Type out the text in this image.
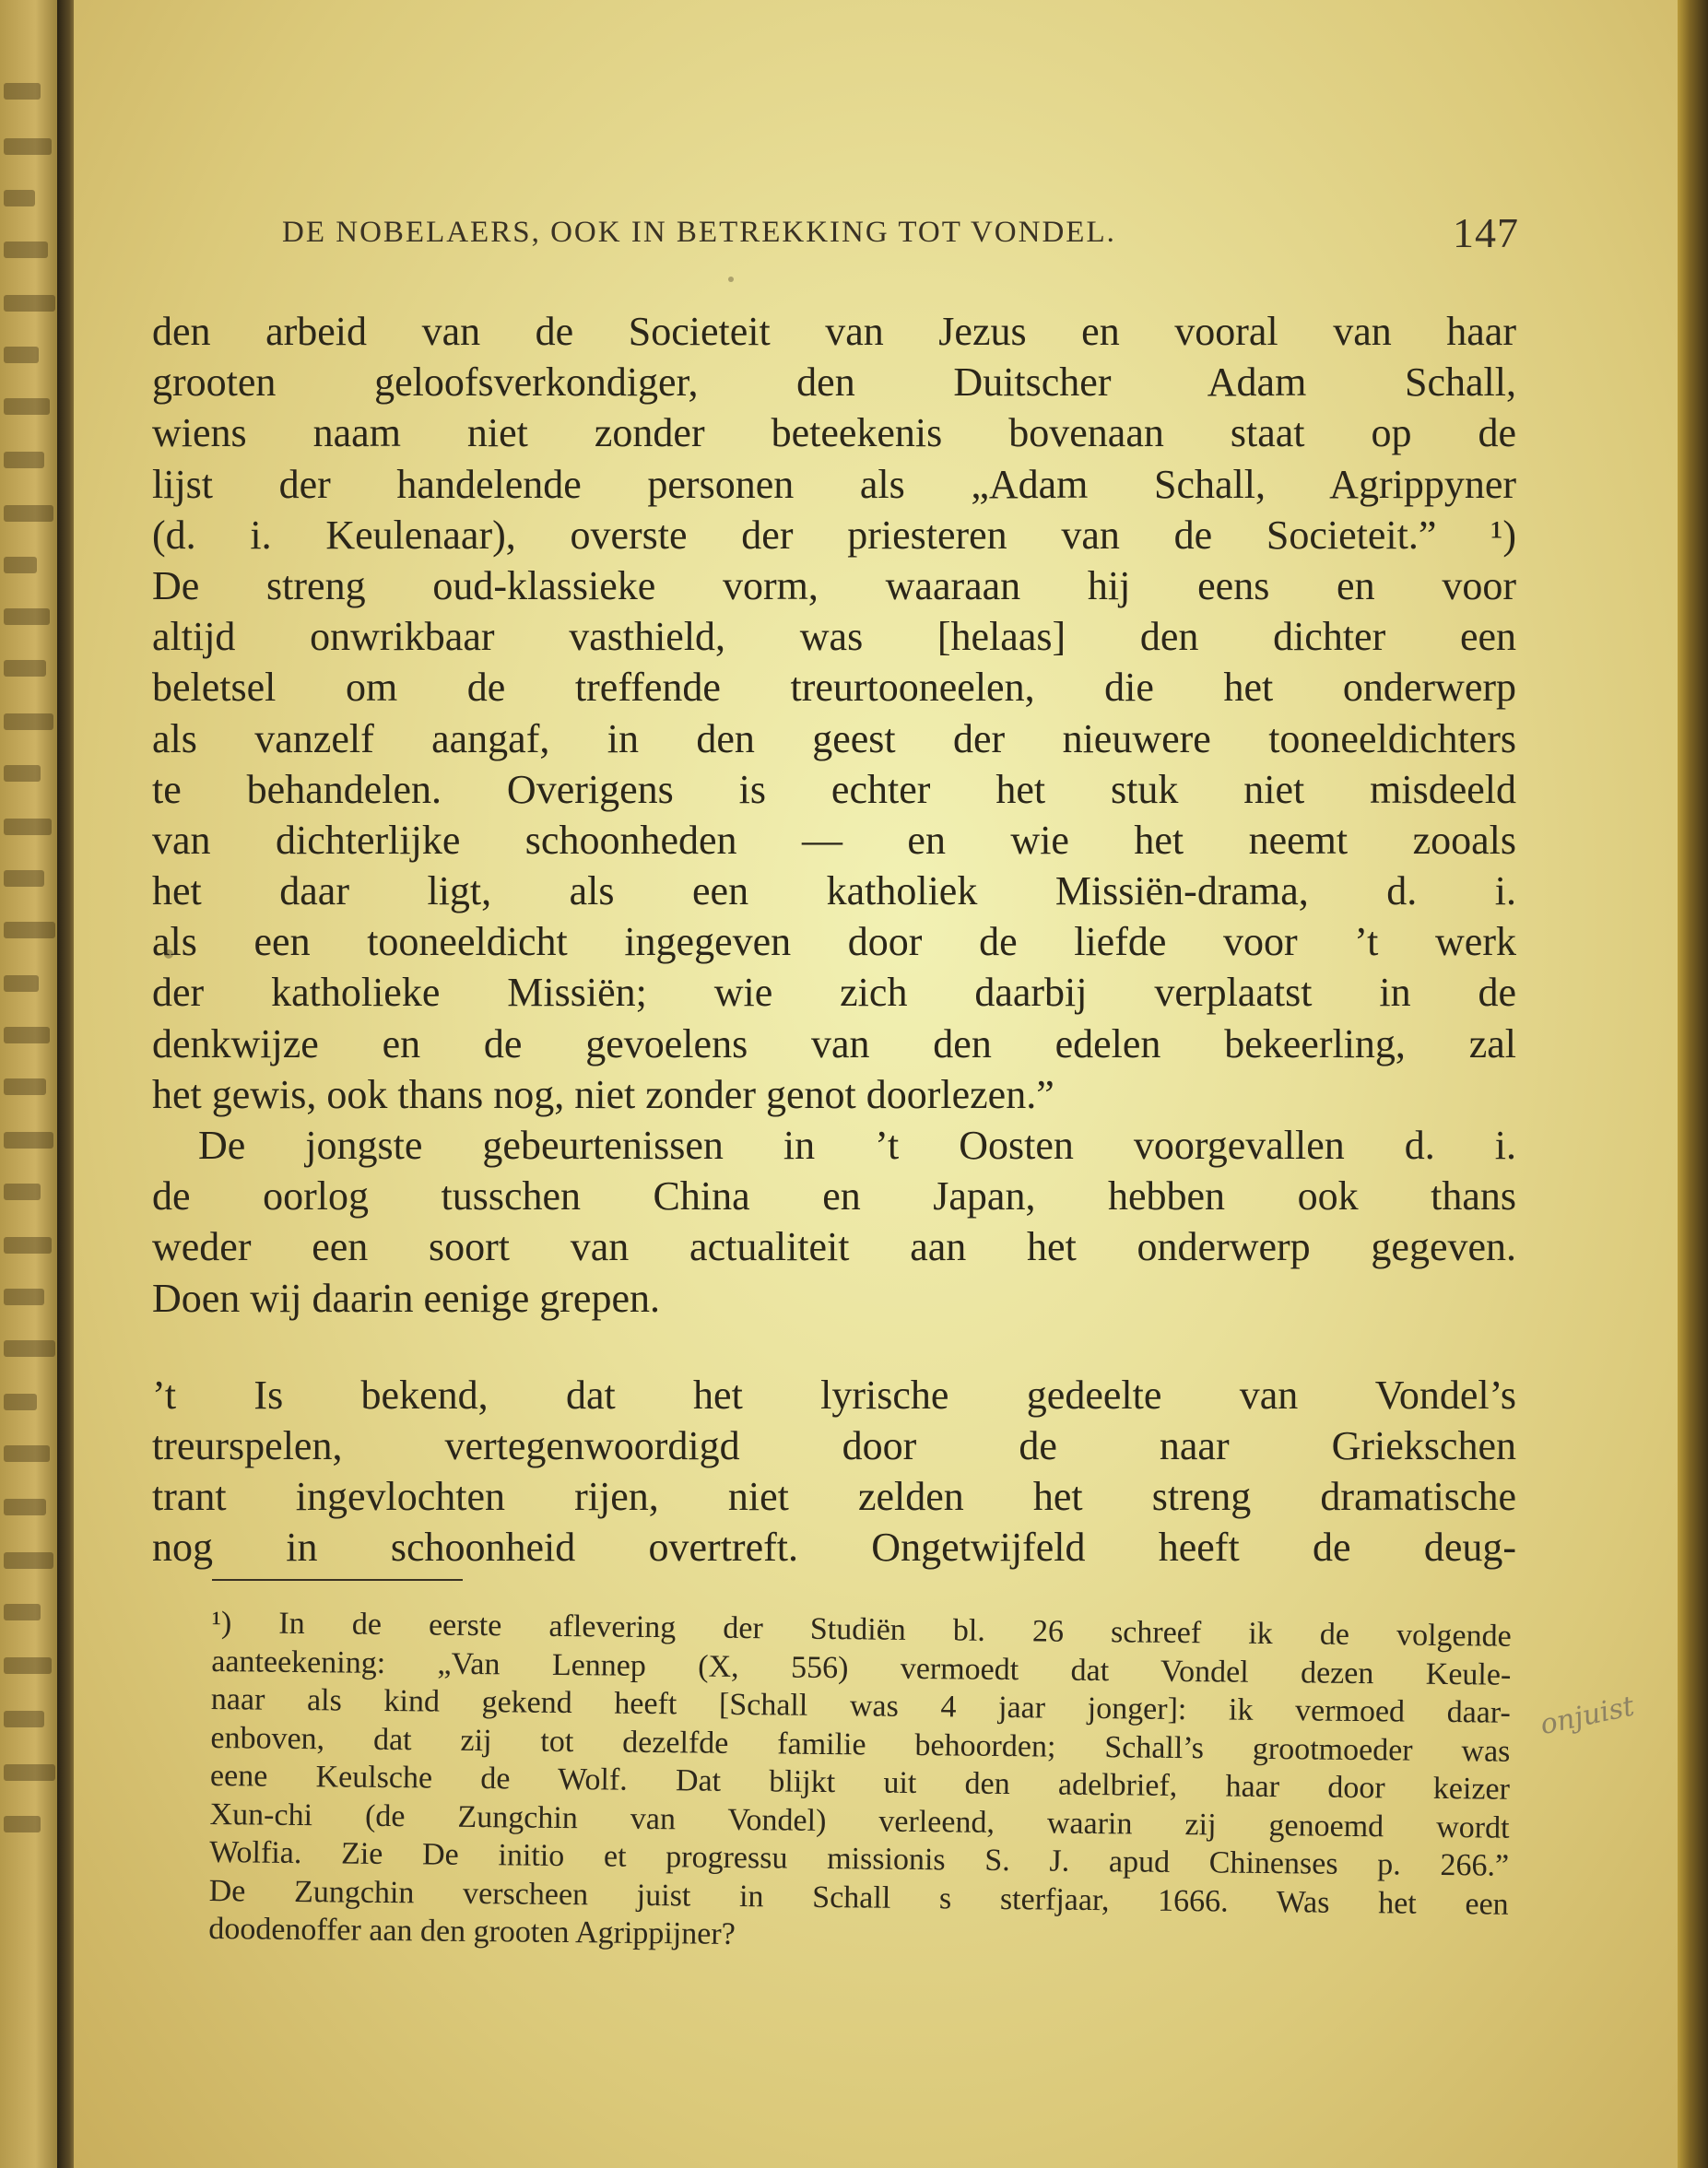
DE NOBELAERS, OOK IN BETREKKING TOT VONDEL.	147
den arbeid van de Societeit van Jezus en vooral van haar
grooten geloofsverkondiger, den Duitscher Adam Schall,
wiens naam niet zonder beteekenis bovenaan staat op de
lijst der handelende personen als „Adam Schall, Agrippyner
(d. i. Keulenaar), overste der priesteren van de Societeit.” ¹)
De streng oud-klassieke vorm, waaraan hij eens en voor
altijd onwrikbaar vasthield, was [helaas] den dichter een
beletsel om de treffende treurtooneelen, die het onderwerp
als vanzelf aangaf, in den geest der nieuwere tooneeldichters
te behandelen. Overigens is echter het stuk niet misdeeld
van dichterlijke schoonheden — en wie het neemt zooals
het daar ligt, als een katholiek Missiën-drama, d. i.
als een tooneeldicht ingegeven door de liefde voor ’t werk
der katholieke Missiën; wie zich daarbij verplaatst in de
denkwijze en de gevoelens van den edelen bekeerling, zal
het gewis, ook thans nog, niet zonder genot doorlezen.”
De jongste gebeurtenissen in ’t Oosten voorgevallen d. i.
de oorlog tusschen China en Japan, hebben ook thans
weder een soort van actualiteit aan het onderwerp gegeven.
Doen wij daarin eenige grepen.
’t Is bekend, dat het lyrische gedeelte van Vondel’s
treurspelen, vertegenwoordigd door de naar Griekschen
trant ingevlochten rijen, niet zelden het streng dramatische
nog in schoonheid overtreft. Ongetwijfeld heeft de deug-
¹) In de eerste aflevering der Studiën bl. 26 schreef ik de volgende
aanteekening: „Van Lennep (X, 556) vermoedt dat Vondel dezen Keule-
naar als kind gekend heeft [Schall was 4 jaar jonger]: ik vermoed daar-
enboven, dat zij tot dezelfde familie behoorden; Schall’s grootmoeder was
eene Keulsche de Wolf. Dat blijkt uit den adelbrief, haar door keizer
Xun-chi (de Zungchin van Vondel) verleend, waarin zij genoemd wordt
Wolfia. Zie De initio et progressu missionis S. J. apud Chinenses p. 266.”
De Zungchin verscheen juist in Schall s sterfjaar, 1666. Was het een
doodenoffer aan den grooten Agrippijner?
onjuist
